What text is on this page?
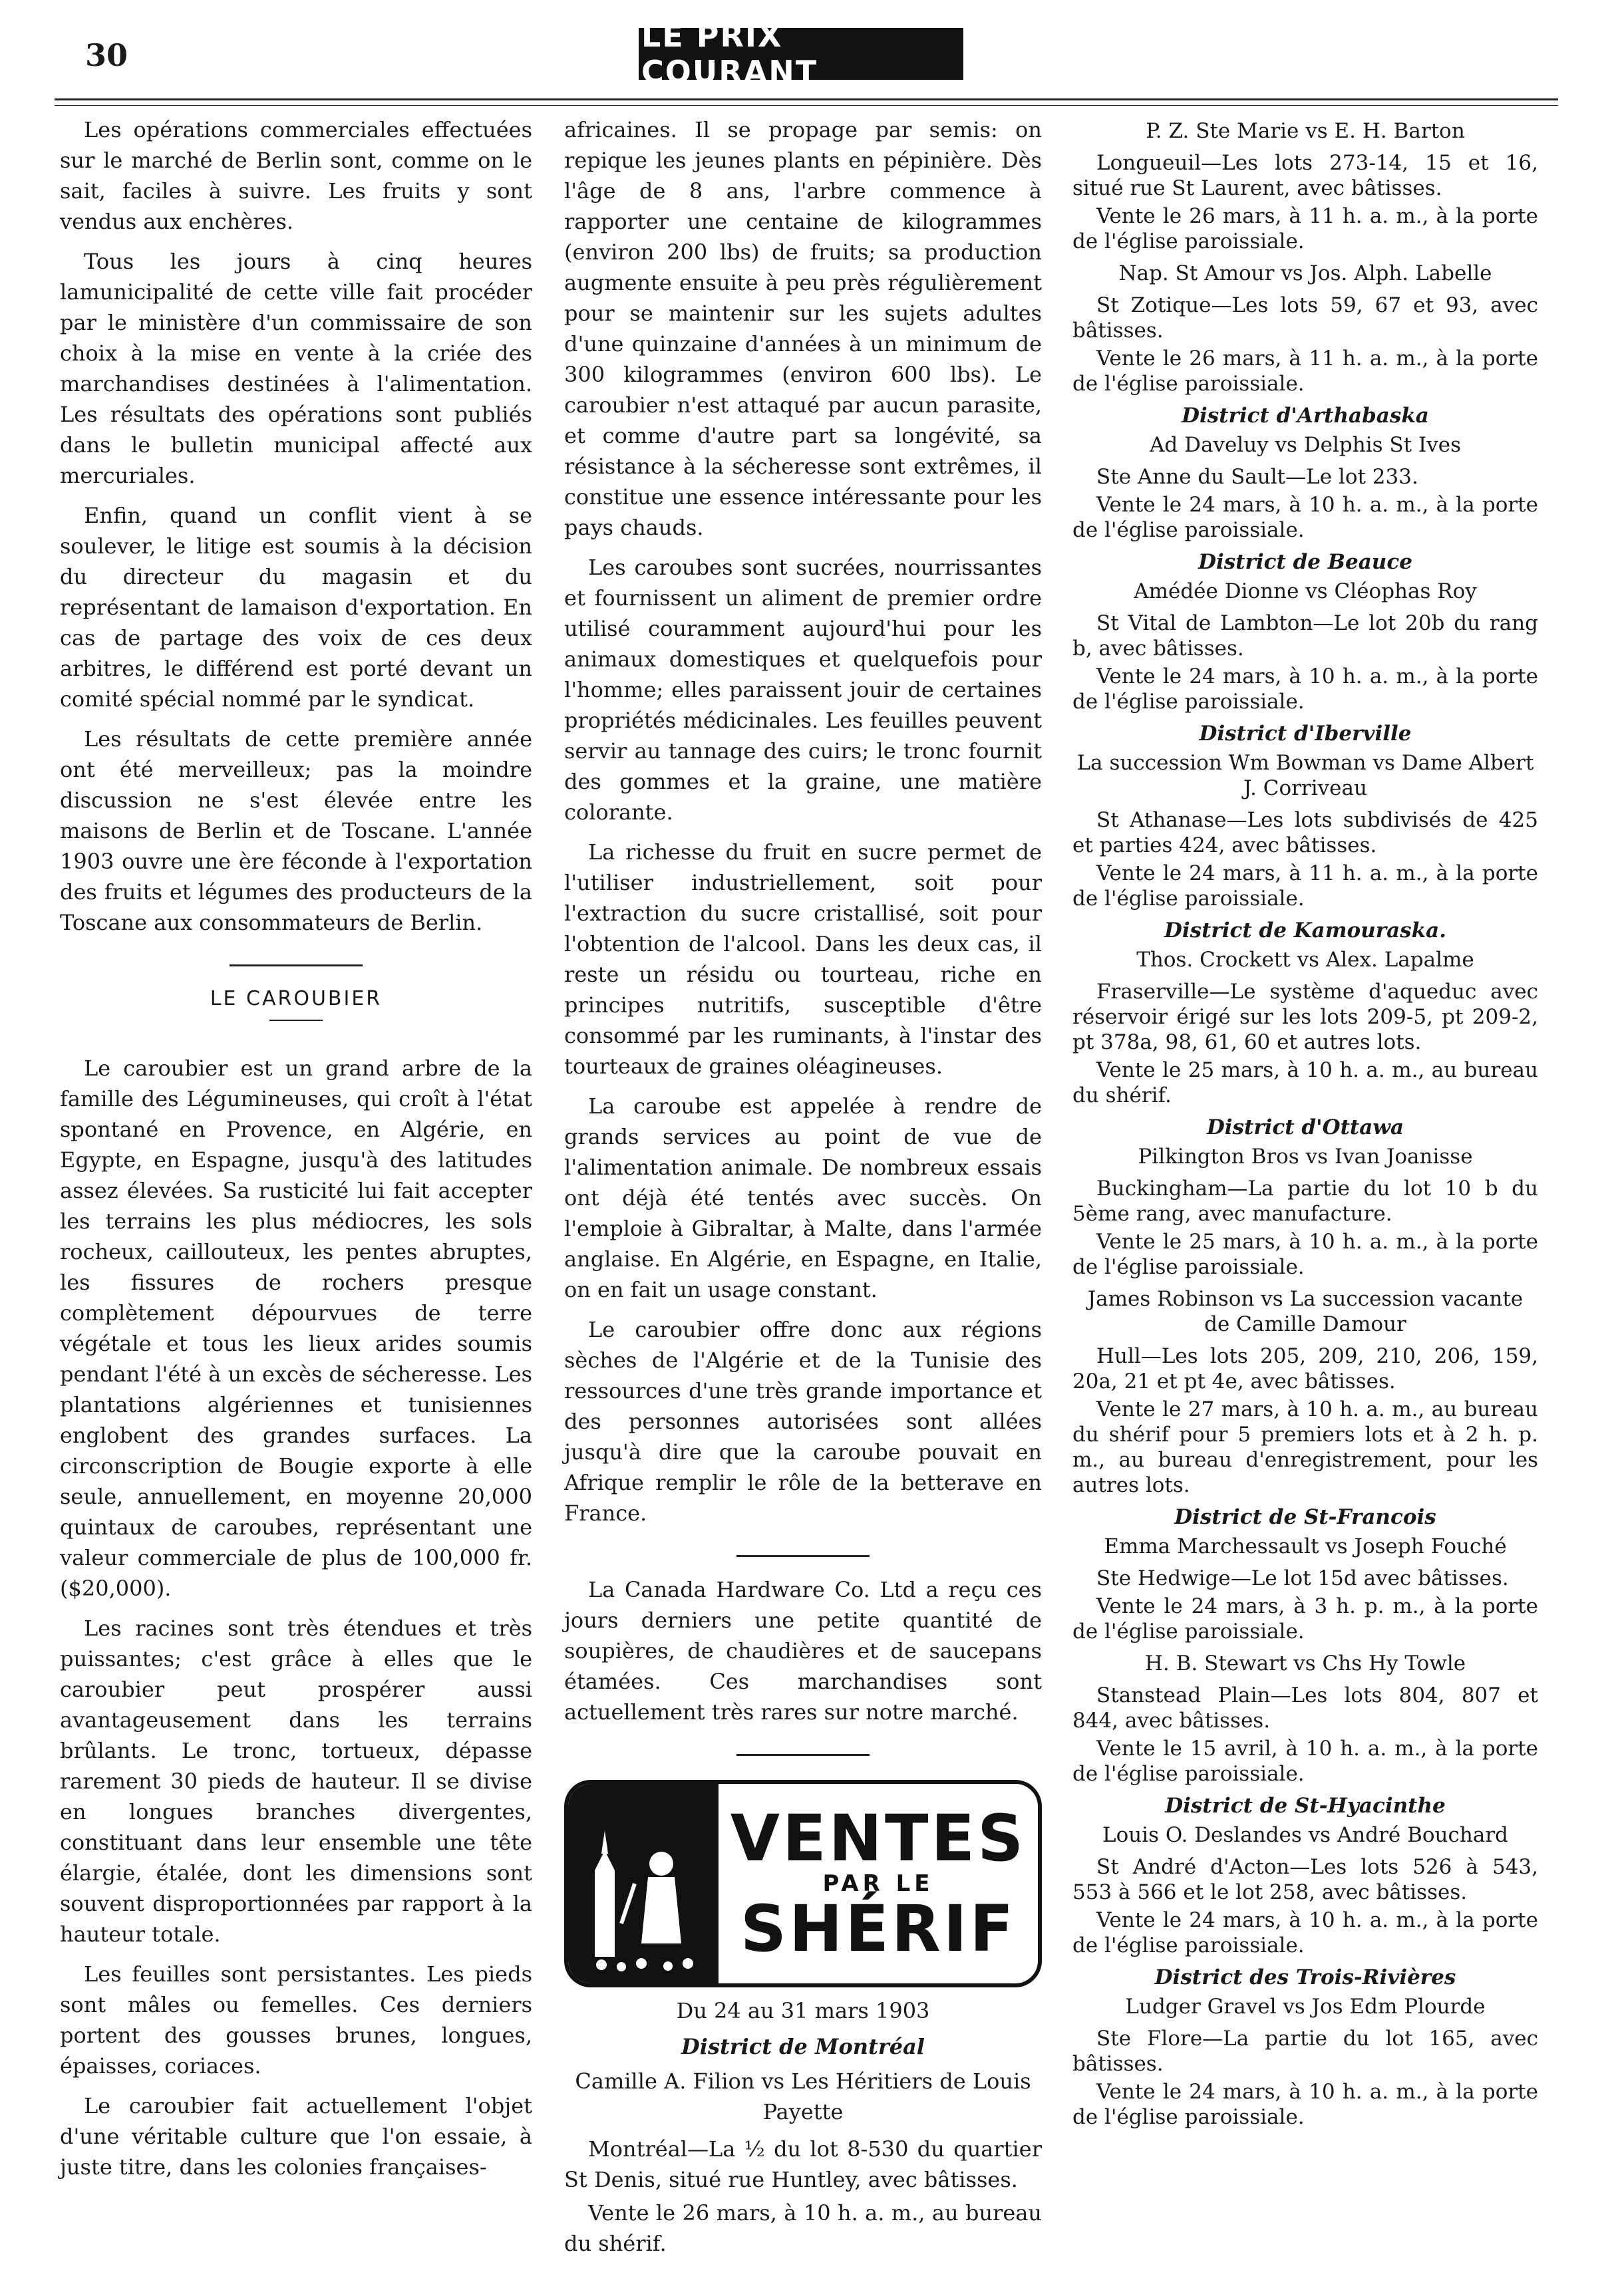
30
LE PRIX COURANT

Les opérations commerciales effectuées sur le marché de Berlin sont, comme on le sait, faciles à suivre. Les fruits y sont vendus aux enchères.

Tous les jours à cinq heures lamunicipalité de cette ville fait procéder par le ministère d'un commissaire de son choix à la mise en vente à la criée des marchandises destinées à l'alimentation. Les résultats des opérations sont publiés dans le bulletin municipal affecté aux mercuriales.

Enfin, quand un conflit vient à se soulever, le litige est soumis à la décision du directeur du magasin et du représentant de lamaison d'exportation. En cas de partage des voix de ces deux arbitres, le différend est porté devant un comité spécial nommé par le syndicat.

Les résultats de cette première année ont été merveilleux; pas la moindre discussion ne s'est élevée entre les maisons de Berlin et de Toscane. L'année 1903 ouvre une ère féconde à l'exportation des fruits et légumes des producteurs de la Toscane aux consommateurs de Berlin.

LE CAROUBIER

Le caroubier est un grand arbre de la famille des Légumineuses, qui croît à l'état spontané en Provence, en Algérie, en Egypte, en Espagne, jusqu'à des latitudes assez élevées. Sa rusticité lui fait accepter les terrains les plus médiocres, les sols rocheux, caillouteux, les pentes abruptes, les fissures de rochers presque complètement dépourvues de terre végétale et tous les lieux arides soumis pendant l'été à un excès de sécheresse. Les plantations algériennes et tunisiennes englobent des grandes surfaces. La circonscription de Bougie exporte à elle seule, annuellement, en moyenne 20,000 quintaux de caroubes, représentant une valeur commerciale de plus de 100,000 fr. ($20,000).

Les racines sont très étendues et très puissantes; c'est grâce à elles que le caroubier peut prospérer aussi avantageusement dans les terrains brûlants. Le tronc, tortueux, dépasse rarement 30 pieds de hauteur. Il se divise en longues branches divergentes, constituant dans leur ensemble une tête élargie, étalée, dont les dimensions sont souvent disproportionnées par rapport à la hauteur totale.

Les feuilles sont persistantes. Les pieds sont mâles ou femelles. Ces derniers portent des gousses brunes, longues, épaisses, coriaces.

Le caroubier fait actuellement l'objet d'une véritable culture que l'on essaie, à juste titre, dans les colonies françaises-

africaines. Il se propage par semis: on repique les jeunes plants en pépinière. Dès l'âge de 8 ans, l'arbre commence à rapporter une centaine de kilogrammes (environ 200 lbs) de fruits; sa production augmente ensuite à peu près régulièrement pour se maintenir sur les sujets adultes d'une quinzaine d'années à un minimum de 300 kilogrammes (environ 600 lbs). Le caroubier n'est attaqué par aucun parasite, et comme d'autre part sa longévité, sa résistance à la sécheresse sont extrêmes, il constitue une essence intéressante pour les pays chauds.

Les caroubes sont sucrées, nourrissantes et fournissent un aliment de premier ordre utilisé couramment aujourd'hui pour les animaux domestiques et quelquefois pour l'homme; elles paraissent jouir de certaines propriétés médicinales. Les feuilles peuvent servir au tannage des cuirs; le tronc fournit des gommes et la graine, une matière colorante.

La richesse du fruit en sucre permet de l'utiliser industriellement, soit pour l'extraction du sucre cristallisé, soit pour l'obtention de l'alcool. Dans les deux cas, il reste un résidu ou tourteau, riche en principes nutritifs, susceptible d'être consommé par les ruminants, à l'instar des tourteaux de graines oléagineuses.

La caroube est appelée à rendre de grands services au point de vue de l'alimentation animale. De nombreux essais ont déjà été tentés avec succès. On l'emploie à Gibraltar, à Malte, dans l'armée anglaise. En Algérie, en Espagne, en Italie, on en fait un usage constant.

Le caroubier offre donc aux régions sèches de l'Algérie et de la Tunisie des ressources d'une très grande importance et des personnes autorisées sont allées jusqu'à dire que la caroube pouvait en Afrique remplir le rôle de la betterave en France.

La Canada Hardware Co. Ltd a reçu ces jours derniers une petite quantité de soupières, de chaudières et de saucepans étamées. Ces marchandises sont actuellement très rares sur notre marché.

VENTES
PAR LE
SHÉRIF
Du 24 au 31 mars 1903
District de Montréal
Camille A. Filion vs Les Héritiers de Louis Payette
Montréal—La ½ du lot 8-530 du quartier St Denis, situé rue Huntley, avec bâtisses.
Vente le 26 mars, à 10 h. a. m., au bureau du shérif.
P. Z. Ste Marie vs E. H. Barton
Longueuil—Les lots 273-14, 15 et 16, situé rue St Laurent, avec bâtisses.
Vente le 26 mars, à 11 h. a. m., à la porte de l'église paroissiale.
Nap. St Amour vs Jos. Alph. Labelle
St Zotique—Les lots 59, 67 et 93, avec bâtisses.
Vente le 26 mars, à 11 h. a. m., à la porte de l'église paroissiale.
District d'Arthabaska
Ad Daveluy vs Delphis St Ives
Ste Anne du Sault—Le lot 233.
Vente le 24 mars, à 10 h. a. m., à la porte de l'église paroissiale.
District de Beauce
Amédée Dionne vs Cléophas Roy
St Vital de Lambton—Le lot 20b du rang b, avec bâtisses.
Vente le 24 mars, à 10 h. a. m., à la porte de l'église paroissiale.
District d'Iberville
La succession Wm Bowman vs Dame Albert J. Corriveau
St Athanase—Les lots subdivisés de 425 et parties 424, avec bâtisses.
Vente le 24 mars, à 11 h. a. m., à la porte de l'église paroissiale.
District de Kamouraska.
Thos. Crockett vs Alex. Lapalme
Fraserville—Le système d'aqueduc avec réservoir érigé sur les lots 209-5, pt 209-2, pt 378a, 98, 61, 60 et autres lots.
Vente le 25 mars, à 10 h. a. m., au bureau du shérif.
District d'Ottawa
Pilkington Bros vs Ivan Joanisse
Buckingham—La partie du lot 10 b du 5ème rang, avec manufacture.
Vente le 25 mars, à 10 h. a. m., à la porte de l'église paroissiale.
James Robinson vs La succession vacante de Camille Damour
Hull—Les lots 205, 209, 210, 206, 159, 20a, 21 et pt 4e, avec bâtisses.
Vente le 27 mars, à 10 h. a. m., au bureau du shérif pour 5 premiers lots et à 2 h. p. m., au bureau d'enregistrement, pour les autres lots.
District de St-Francois
Emma Marchessault vs Joseph Fouché
Ste Hedwige—Le lot 15d avec bâtisses.
Vente le 24 mars, à 3 h. p. m., à la porte de l'église paroissiale.
H. B. Stewart vs Chs Hy Towle
Stanstead Plain—Les lots 804, 807 et 844, avec bâtisses.
Vente le 15 avril, à 10 h. a. m., à la porte de l'église paroissiale.
District de St-Hyacinthe
Louis O. Deslandes vs André Bouchard
St André d'Acton—Les lots 526 à 543, 553 à 566 et le lot 258, avec bâtisses.
Vente le 24 mars, à 10 h. a. m., à la porte de l'église paroissiale.
District des Trois-Rivières
Ludger Gravel vs Jos Edm Plourde
Ste Flore—La partie du lot 165, avec bâtisses.
Vente le 24 mars, à 10 h. a. m., à la porte de l'église paroissiale.
